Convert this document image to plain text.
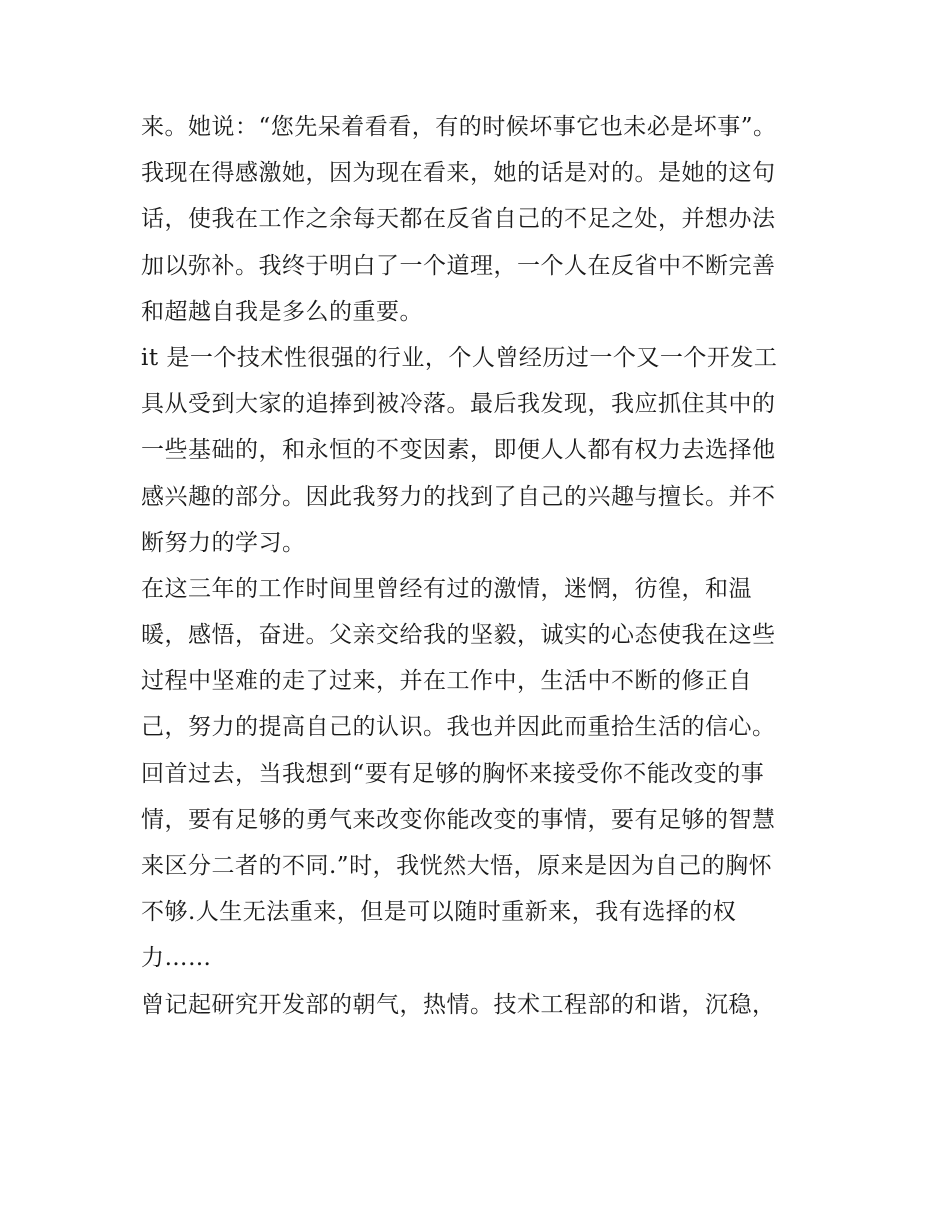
来。她说：“您先呆着看看，有的时候坏事它也未必是坏事”。
我现在得感激她，因为现在看来，她的话是对的。是她的这句
话，使我在工作之余每天都在反省自己的不足之处，并想办法
加以弥补。我终于明白了一个道理，一个人在反省中不断完善
和超越自我是多么的重要。
it 是一个技术性很强的行业，个人曾经历过一个又一个开发工
具从受到大家的追捧到被冷落。最后我发现，我应抓住其中的
一些基础的，和永恒的不变因素，即便人人都有权力去选择他
感兴趣的部分。因此我努力的找到了自己的兴趣与擅长。并不
断努力的学习。
在这三年的工作时间里曾经有过的激情，迷惘，彷徨，和温
暖，感悟，奋进。父亲交给我的坚毅，诚实的心态使我在这些
过程中坚难的走了过来，并在工作中，生活中不断的修正自
己，努力的提高自己的认识。我也并因此而重拾生活的信心。
回首过去，当我想到“要有足够的胸怀来接受你不能改变的事
情，要有足够的勇气来改变你能改变的事情，要有足够的智慧
来区分二者的不同.”时，我恍然大悟，原来是因为自己的胸怀
不够.人生无法重来，但是可以随时重新来，我有选择的权
力……
曾记起研究开发部的朝气，热情。技术工程部的和谐，沉稳，
